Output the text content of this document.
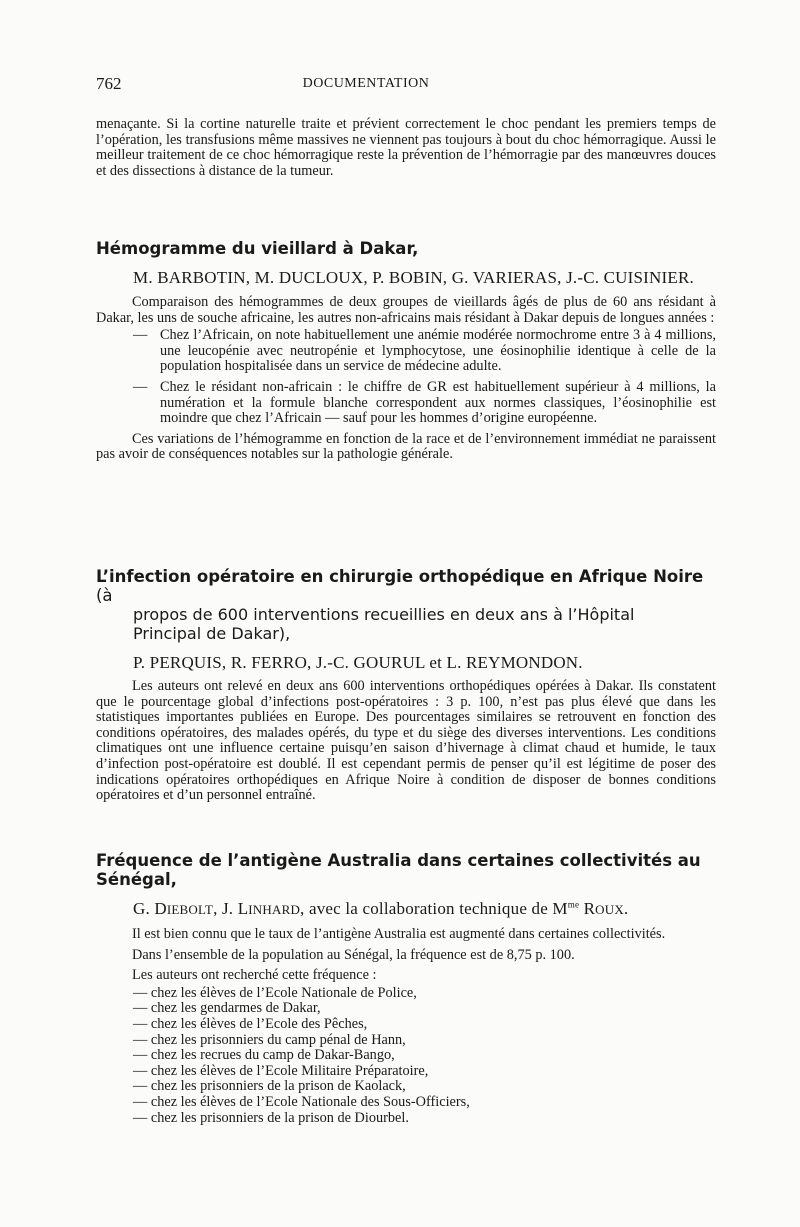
762	DOCUMENTATION

menaçante. Si la cortine naturelle traite et prévient correctement le choc pendant les premiers temps de l’opération, les transfusions même massives ne viennent pas toujours à bout du choc hémorragique. Aussi le meilleur traitement de ce choc hémorragique reste la prévention de l’hémorragie par des manœuvres douces et des dissections à distance de la tumeur.

Hémogramme du vieillard à Dakar,

M. BARBOTIN, M. DUCLOUX, P. BOBIN, G. VARIERAS, J.-C. CUISINIER.

Comparaison des hémogrammes de deux groupes de vieillards âgés de plus de 60 ans résidant à Dakar, les uns de souche africaine, les autres non-africains mais résidant à Dakar depuis de longues années :

— Chez l’Africain, on note habituellement une anémie modérée normochrome entre 3 à 4 millions, une leucopénie avec neutropénie et lymphocytose, une éosinophilie identique à celle de la population hospitalisée dans un service de médecine adulte.

— Chez le résidant non-africain : le chiffre de GR est habituellement supérieur à 4 millions, la numération et la formule blanche correspondent aux normes classiques, l’éosinophilie est moindre que chez l’Africain — sauf pour les hommes d’origine européenne.

Ces variations de l’hémogramme en fonction de la race et de l’environnement immédiat ne paraissent pas avoir de conséquences notables sur la pathologie générale.

L’infection opératoire en chirurgie orthopédique en Afrique Noire (à

propos de 600 interventions recueillies en deux ans à l’Hôpital

Principal de Dakar),

P. PERQUIS, R. FERRO, J.-C. GOURUL et L. REYMONDON.

Les auteurs ont relevé en deux ans 600 interventions orthopédiques opérées à Dakar. Ils constatent que le pourcentage global d’infections post-opératoires : 3 p. 100, n’est pas plus élevé que dans les statistiques importantes publiées en Europe. Des pourcentages similaires se retrouvent en fonction des conditions opératoires, des malades opérés, du type et du siège des diverses interventions. Les conditions climatiques ont une influence certaine puisqu’en saison d’hivernage à climat chaud et humide, le taux d’infection post-opératoire est doublé. Il est cependant permis de penser qu’il est légitime de poser des indications opératoires orthopédiques en Afrique Noire à condition de disposer de bonnes conditions opératoires et d’un personnel entraîné.

Fréquence de l’antigène Australia dans certaines collectivités au Sénégal,

G. DIEBOLT, J. LINHARD, avec la collaboration technique de $M^{me}$ ROUX.

Il est bien connu que le taux de l’antigène Australia est augmenté dans certaines collectivités.

Dans l’ensemble de la population au Sénégal, la fréquence est de 8,75 p. 100.

Les auteurs ont recherché cette fréquence :

— chez les élèves de l’Ecole Nationale de Police,

— chez les gendarmes de Dakar,

— chez les élèves de l’Ecole des Pêches,

— chez les prisonniers du camp pénal de Hann,

— chez les recrues du camp de Dakar-Bango,

— chez les élèves de l’Ecole Militaire Préparatoire,

— chez les prisonniers de la prison de Kaolack,

— chez les élèves de l’Ecole Nationale des Sous-Officiers,

— chez les prisonniers de la prison de Diourbel.
